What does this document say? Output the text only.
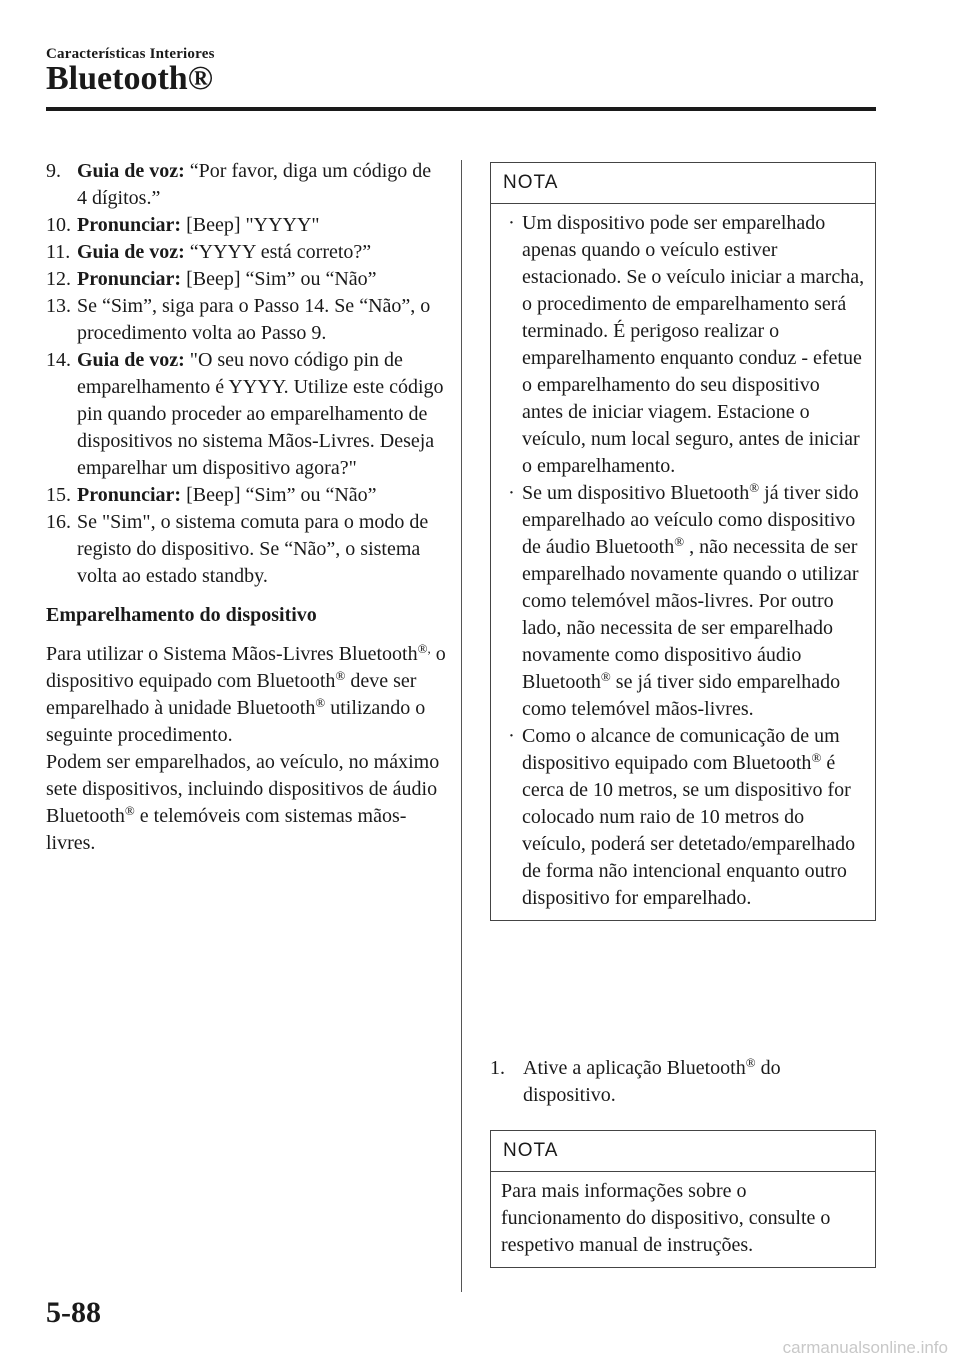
Características Interiores
Bluetooth®
9. Guia de voz: “Por favor, diga um código de 4 dígitos.”
10. Pronunciar: [Beep] "YYYY"
11. Guia de voz: “YYYY está correto?”
12. Pronunciar: [Beep] “Sim” ou “Não”
13. Se “Sim”, siga para o Passo 14. Se “Não”, o procedimento volta ao Passo 9.
14. Guia de voz: "O seu novo código pin de emparelhamento é YYYY. Utilize este código pin quando proceder ao emparelhamento de dispositivos no sistema Mãos-Livres. Deseja emparelhar um dispositivo agora?"
15. Pronunciar: [Beep] “Sim” ou “Não”
16. Se "Sim", o sistema comuta para o modo de registo do dispositivo. Se “Não”, o sistema volta ao estado standby.
Emparelhamento do dispositivo
Para utilizar o Sistema Mãos-Livres Bluetooth®, o dispositivo equipado com Bluetooth® deve ser emparelhado à unidade Bluetooth® utilizando o seguinte procedimento.
Podem ser emparelhados, ao veículo, no máximo sete dispositivos, incluindo dispositivos de áudio Bluetooth® e telemóveis com sistemas mãos-livres.
NOTA
· Um dispositivo pode ser emparelhado apenas quando o veículo estiver estacionado. Se o veículo iniciar a marcha, o procedimento de emparelhamento será terminado. É perigoso realizar o emparelhamento enquanto conduz - efetue o emparelhamento do seu dispositivo antes de iniciar viagem. Estacione o veículo, num local seguro, antes de iniciar o emparelhamento.
· Se um dispositivo Bluetooth® já tiver sido emparelhado ao veículo como dispositivo de áudio Bluetooth® , não necessita de ser emparelhado novamente quando o utilizar como telemóvel mãos-livres. Por outro lado, não necessita de ser emparelhado novamente como dispositivo áudio Bluetooth® se já tiver sido emparelhado como telemóvel mãos-livres.
· Como o alcance de comunicação de um dispositivo equipado com Bluetooth® é cerca de 10 metros, se um dispositivo for colocado num raio de 10 metros do veículo, poderá ser detetado/emparelhado de forma não intencional enquanto outro dispositivo for emparelhado.
1. Ative a aplicação Bluetooth® do dispositivo.
NOTA
Para mais informações sobre o funcionamento do dispositivo, consulte o respetivo manual de instruções.
5-88
carmanualsonline.info
